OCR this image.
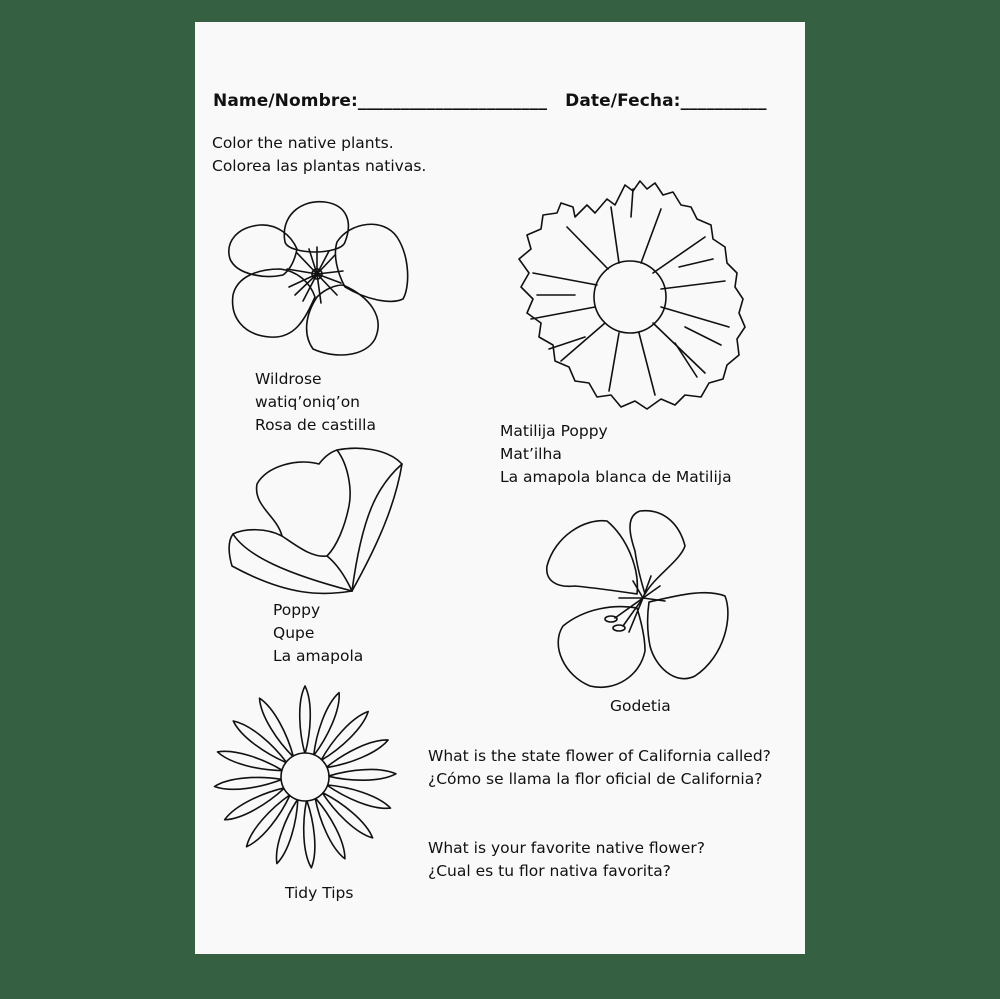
Name/Nombre:______________________ Date/Fecha:__________
Color the native plants.
Colorea las plantas nativas.
Wildrose
watiq’oniq’on
Rosa de castilla	Matilija Poppy
Mat’ilha
La amapola blanca de Matilija
Poppy
Qupe
La amapola
Godetia
Tidy Tips
What is the state flower of California called?
¿Cómo se llama la flor oficial de California?
What is your favorite native flower?
¿Cual es tu flor nativa favorita?
